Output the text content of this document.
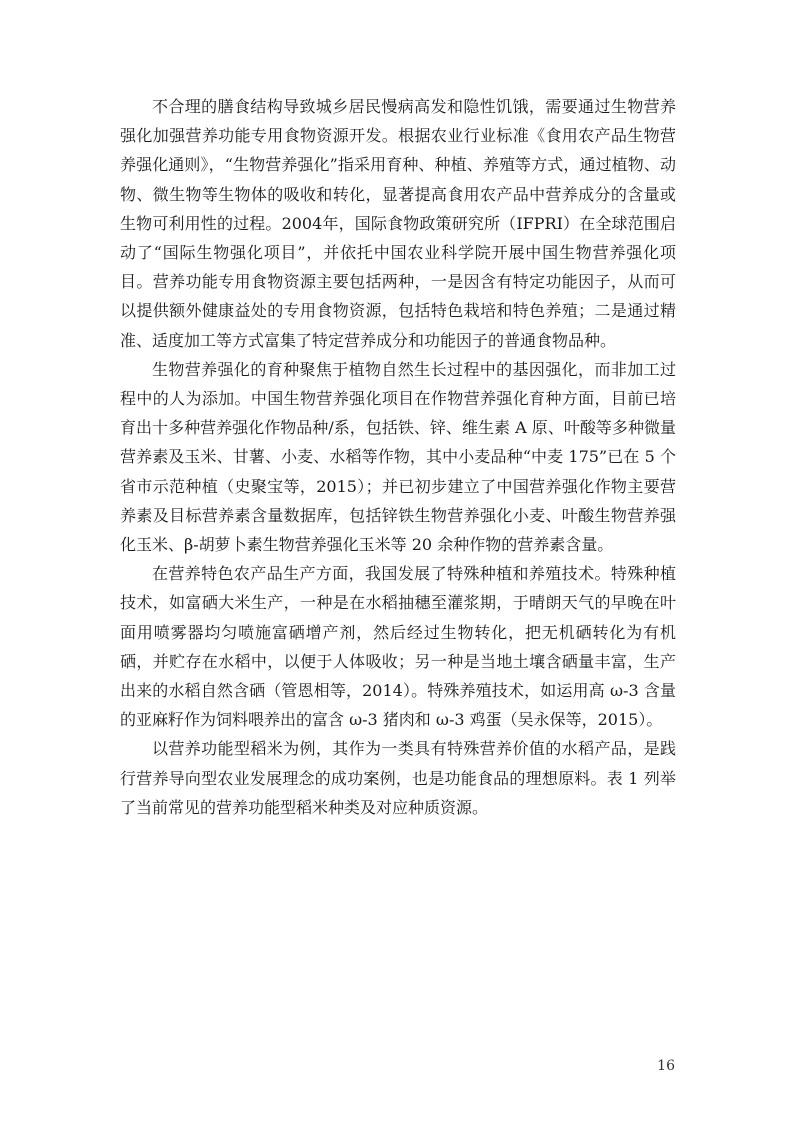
不合理的膳食结构导致城乡居民慢病高发和隐性饥饿，需要通过生物营养强化加强营养功能专用食物资源开发。根据农业行业标准《食用农产品生物营养强化通则》，“生物营养强化”指采用育种、种植、养殖等方式，通过植物、动物、微生物等生物体的吸收和转化，显著提高食用农产品中营养成分的含量或生物可利用性的过程。2004年，国际食物政策研究所（IFPRI）在全球范围启动了“国际生物强化项目”，并依托中国农业科学院开展中国生物营养强化项目。营养功能专用食物资源主要包括两种，一是因含有特定功能因子，从而可以提供额外健康益处的专用食物资源，包括特色栽培和特色养殖；二是通过精准、适度加工等方式富集了特定营养成分和功能因子的普通食物品种。

生物营养强化的育种聚焦于植物自然生长过程中的基因强化，而非加工过程中的人为添加。中国生物营养强化项目在作物营养强化育种方面，目前已培育出十多种营养强化作物品种/系，包括铁、锌、维生素 A 原、叶酸等多种微量营养素及玉米、甘薯、小麦、水稻等作物，其中小麦品种“中麦 175”已在 5 个省市示范种植（史聚宝等，2015）；并已初步建立了中国营养强化作物主要营养素及目标营养素含量数据库，包括锌铁生物营养强化小麦、叶酸生物营养强化玉米、β-胡萝卜素生物营养强化玉米等 20 余种作物的营养素含量。

在营养特色农产品生产方面，我国发展了特殊种植和养殖技术。特殊种植技术，如富硒大米生产，一种是在水稻抽穗至灌浆期，于晴朗天气的早晚在叶面用喷雾器均匀喷施富硒增产剂，然后经过生物转化，把无机硒转化为有机硒，并贮存在水稻中，以便于人体吸收；另一种是当地土壤含硒量丰富，生产出来的水稻自然含硒（管恩相等，2014）。特殊养殖技术，如运用高 ω-3 含量的亚麻籽作为饲料喂养出的富含 ω-3 猪肉和 ω-3 鸡蛋（吴永保等，2015）。

以营养功能型稻米为例，其作为一类具有特殊营养价值的水稻产品，是践行营养导向型农业发展理念的成功案例，也是功能食品的理想原料。表 1 列举了当前常见的营养功能型稻米种类及对应种质资源。

16
